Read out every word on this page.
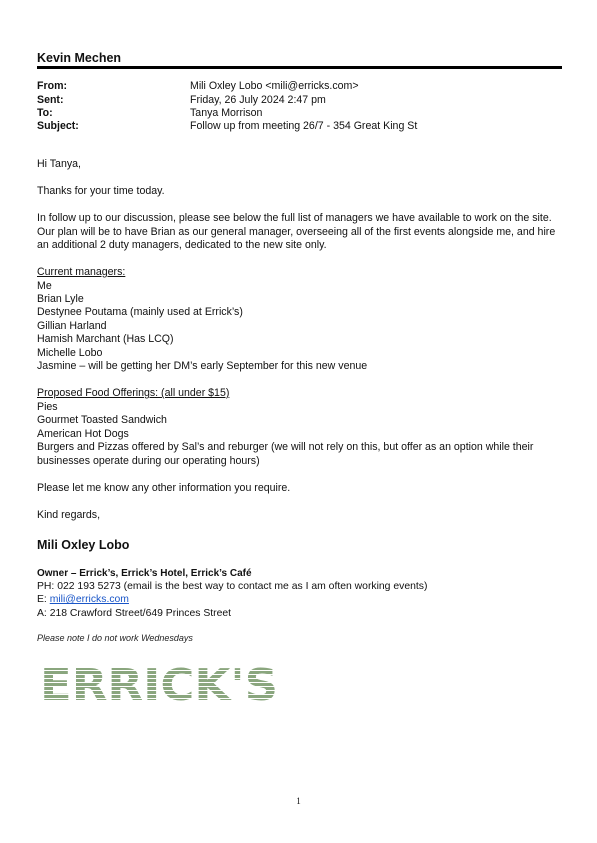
Kevin Mechen
From:	Mili Oxley Lobo <mili@erricks.com>
Sent:	Friday, 26 July 2024 2:47 pm
To:	Tanya Morrison
Subject:	Follow up from meeting 26/7 - 354 Great King St
Hi Tanya,
Thanks for your time today.
In follow up to our discussion, please see below the full list of managers we have available to work on the site.
Our plan will be to have Brian as our general manager, overseeing all of the first events alongside me, and hire
an additional 2 duty managers, dedicated to the new site only.
Current managers:
Me
Brian Lyle
Destynee Poutama (mainly used at Errick’s)
Gillian Harland
Hamish Marchant (Has LCQ)
Michelle Lobo
Jasmine – will be getting her DM’s early September for this new venue
Proposed Food Offerings: (all under $15)
Pies
Gourmet Toasted Sandwich
American Hot Dogs
Burgers and Pizzas offered by Sal’s and reburger (we will not rely on this, but offer as an option while their
businesses operate during our operating hours)
Please let me know any other information you require.
Kind regards,
Mili Oxley Lobo
Owner – Errick’s, Errick’s Hotel, Errick’s Café
PH: 022 193 5273 (email is the best way to contact me as I am often working events)
E: mili@erricks.com
A: 218 Crawford Street/649 Princes Street
Please note I do not work Wednesdays
ERRICK'S
1
